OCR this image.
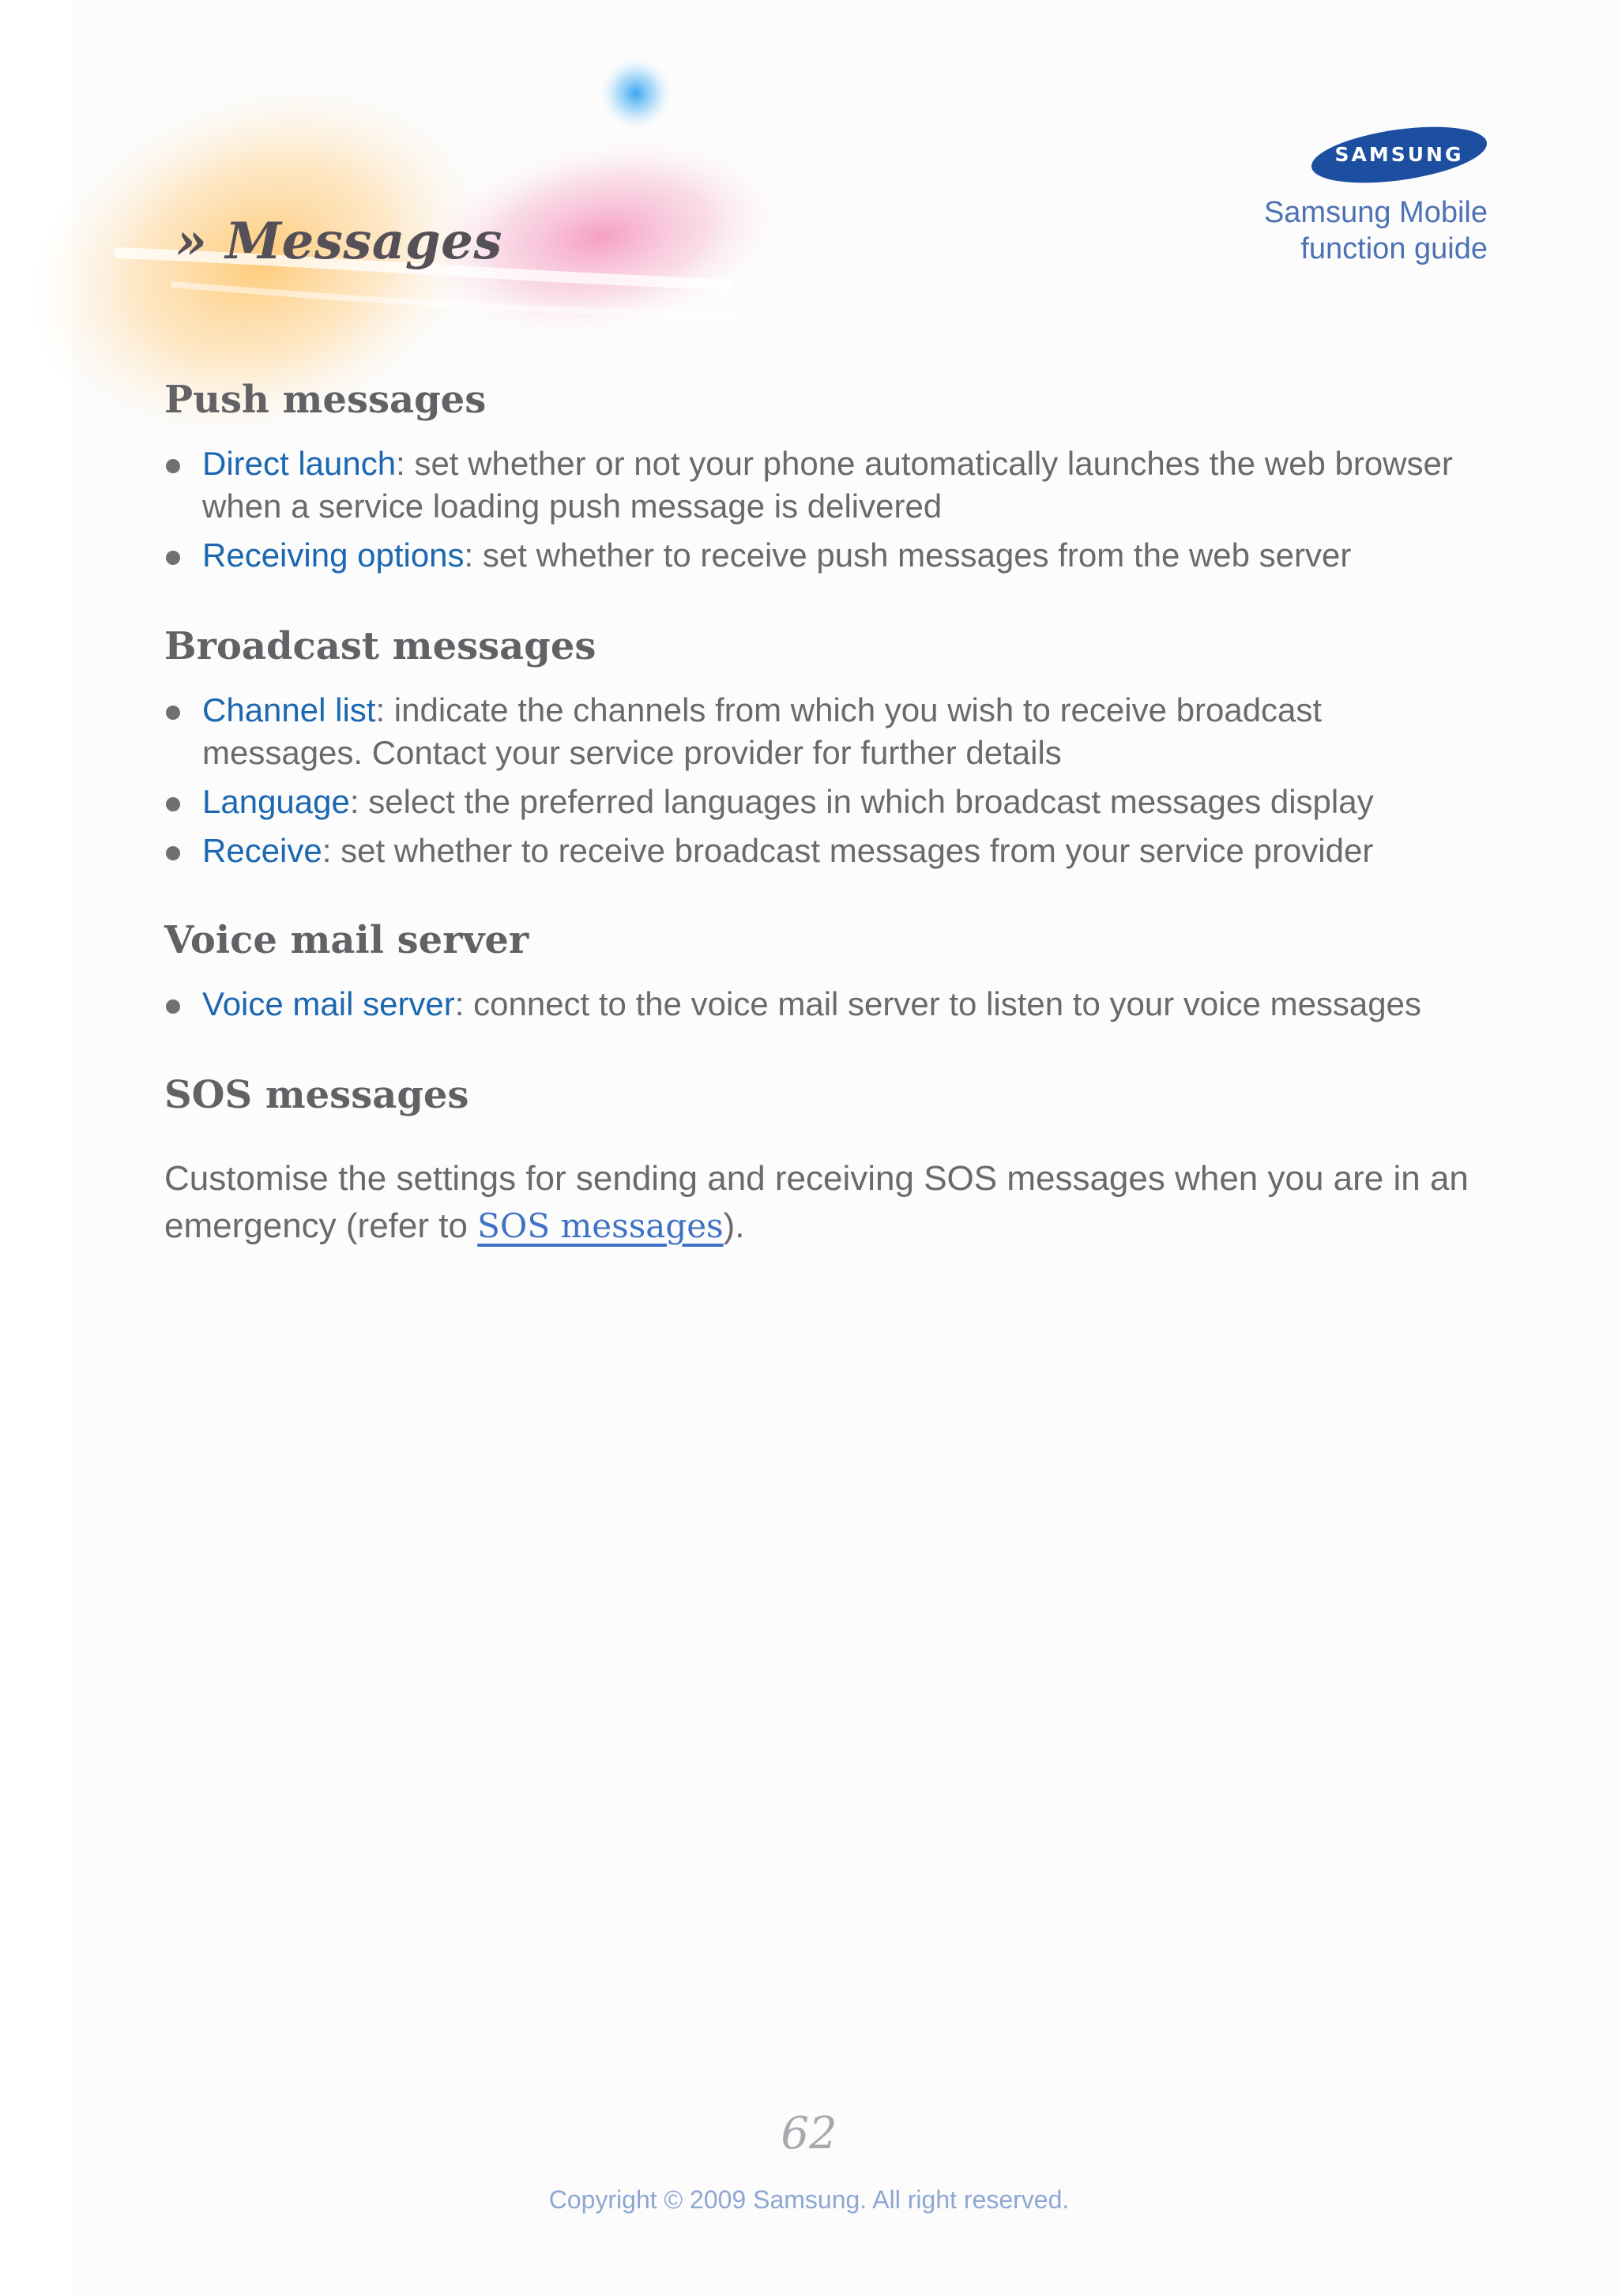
» Messages
SAMSUNG
Samsung Mobile
function guide
Push messages
Direct launch: set whether or not your phone automatically launches the web browser when a service loading push message is delivered
Receiving options: set whether to receive push messages from the web server
Broadcast messages
Channel list: indicate the channels from which you wish to receive broadcast messages. Contact your service provider for further details
Language: select the preferred languages in which broadcast messages display
Receive: set whether to receive broadcast messages from your service provider
Voice mail server
Voice mail server: connect to the voice mail server to listen to your voice messages
SOS messages

Customise the settings for sending and receiving SOS messages when you are in an emergency (refer to SOS messages).

62
Copyright © 2009 Samsung. All right reserved.
